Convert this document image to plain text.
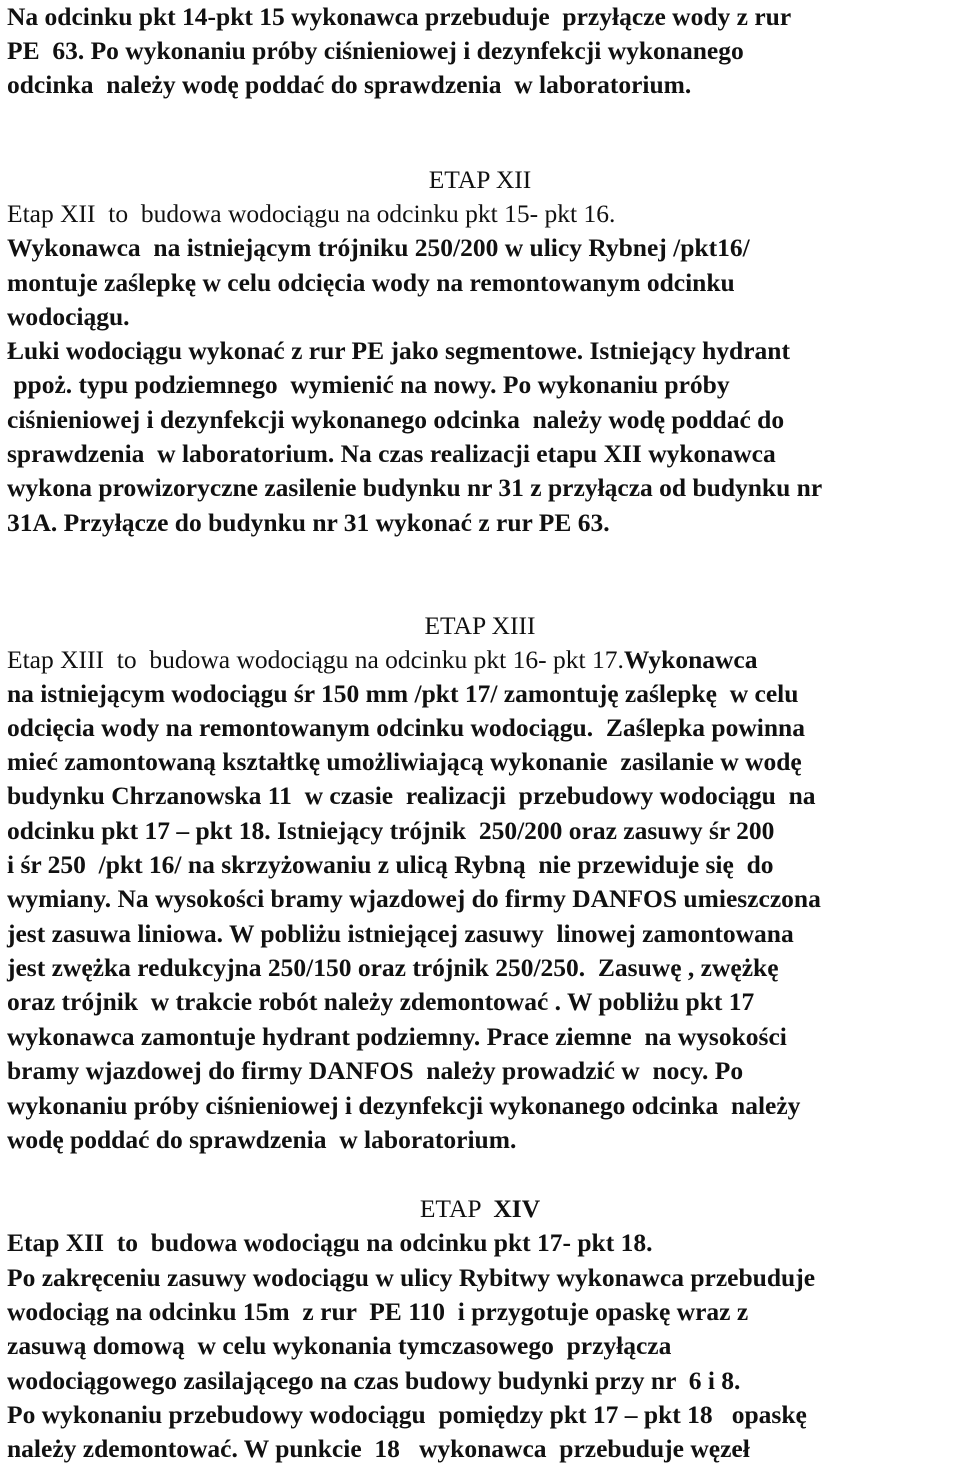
Na odcinku pkt 14-pkt 15 wykonawca przebuduje  przyłącze wody z rur
PE  63. Po wykonaniu próby ciśnieniowej i dezynfekcji wykonanego
odcinka  należy wodę poddać do sprawdzenia  w laboratorium.
ETAP XII
Etap XII  to  budowa wodociągu na odcinku pkt 15- pkt 16.
Wykonawca  na istniejącym trójniku 250/200 w ulicy Rybnej /pkt16/
montuje zaślepkę w celu odcięcia wody na remontowanym odcinku
wodociągu.
Łuki wodociągu wykonać z rur PE jako segmentowe. Istniejący hydrant
ppoż. typu podziemnego  wymienić na nowy. Po wykonaniu próby
ciśnieniowej i dezynfekcji wykonanego odcinka  należy wodę poddać do
sprawdzenia  w laboratorium. Na czas realizacji etapu XII wykonawca
wykona prowizoryczne zasilenie budynku nr 31 z przyłącza od budynku nr
31A. Przyłącze do budynku nr 31 wykonać z rur PE 63.
ETAP XIII
Etap XIII  to  budowa wodociągu na odcinku pkt 16- pkt 17.Wykonawca
na istniejącym wodociągu śr 150 mm /pkt 17/ zamontuję zaślepkę  w celu
odcięcia wody na remontowanym odcinku wodociągu.  Zaślepka powinna
mieć zamontowaną kształtkę umożliwiającą wykonanie  zasilanie w wodę
budynku Chrzanowska 11  w czasie  realizacji  przebudowy wodociągu  na
odcinku pkt 17 – pkt 18. Istniejący trójnik  250/200 oraz zasuwy śr 200
i śr 250  /pkt 16/ na skrzyżowaniu z ulicą Rybną  nie przewiduje się  do
wymiany. Na wysokości bramy wjazdowej do firmy DANFOS umieszczona
jest zasuwa liniowa. W pobliżu istniejącej zasuwy  linowej zamontowana
jest zwężka redukcyjna 250/150 oraz trójnik 250/250.  Zasuwę , zwężkę
oraz trójnik  w trakcie robót należy zdemontować . W pobliżu pkt 17
wykonawca zamontuje hydrant podziemny. Prace ziemne  na wysokości
bramy wjazdowej do firmy DANFOS  należy prowadzić w  nocy. Po
wykonaniu próby ciśnieniowej i dezynfekcji wykonanego odcinka  należy
wodę poddać do sprawdzenia  w laboratorium.
ETAP  XIV
Etap XII  to  budowa wodociągu na odcinku pkt 17- pkt 18.
Po zakręceniu zasuwy wodociągu w ulicy Rybitwy wykonawca przebuduje
wodociąg na odcinku 15m  z rur  PE 110  i przygotuje opaskę wraz z
zasuwą domową  w celu wykonania tymczasowego  przyłącza
wodociągowego zasilającego na czas budowy budynki przy nr  6 i 8.
Po wykonaniu przebudowy wodociągu  pomiędzy pkt 17 – pkt 18   opaskę
należy zdemontować. W punkcie  18   wykonawca  przebuduje węzeł
